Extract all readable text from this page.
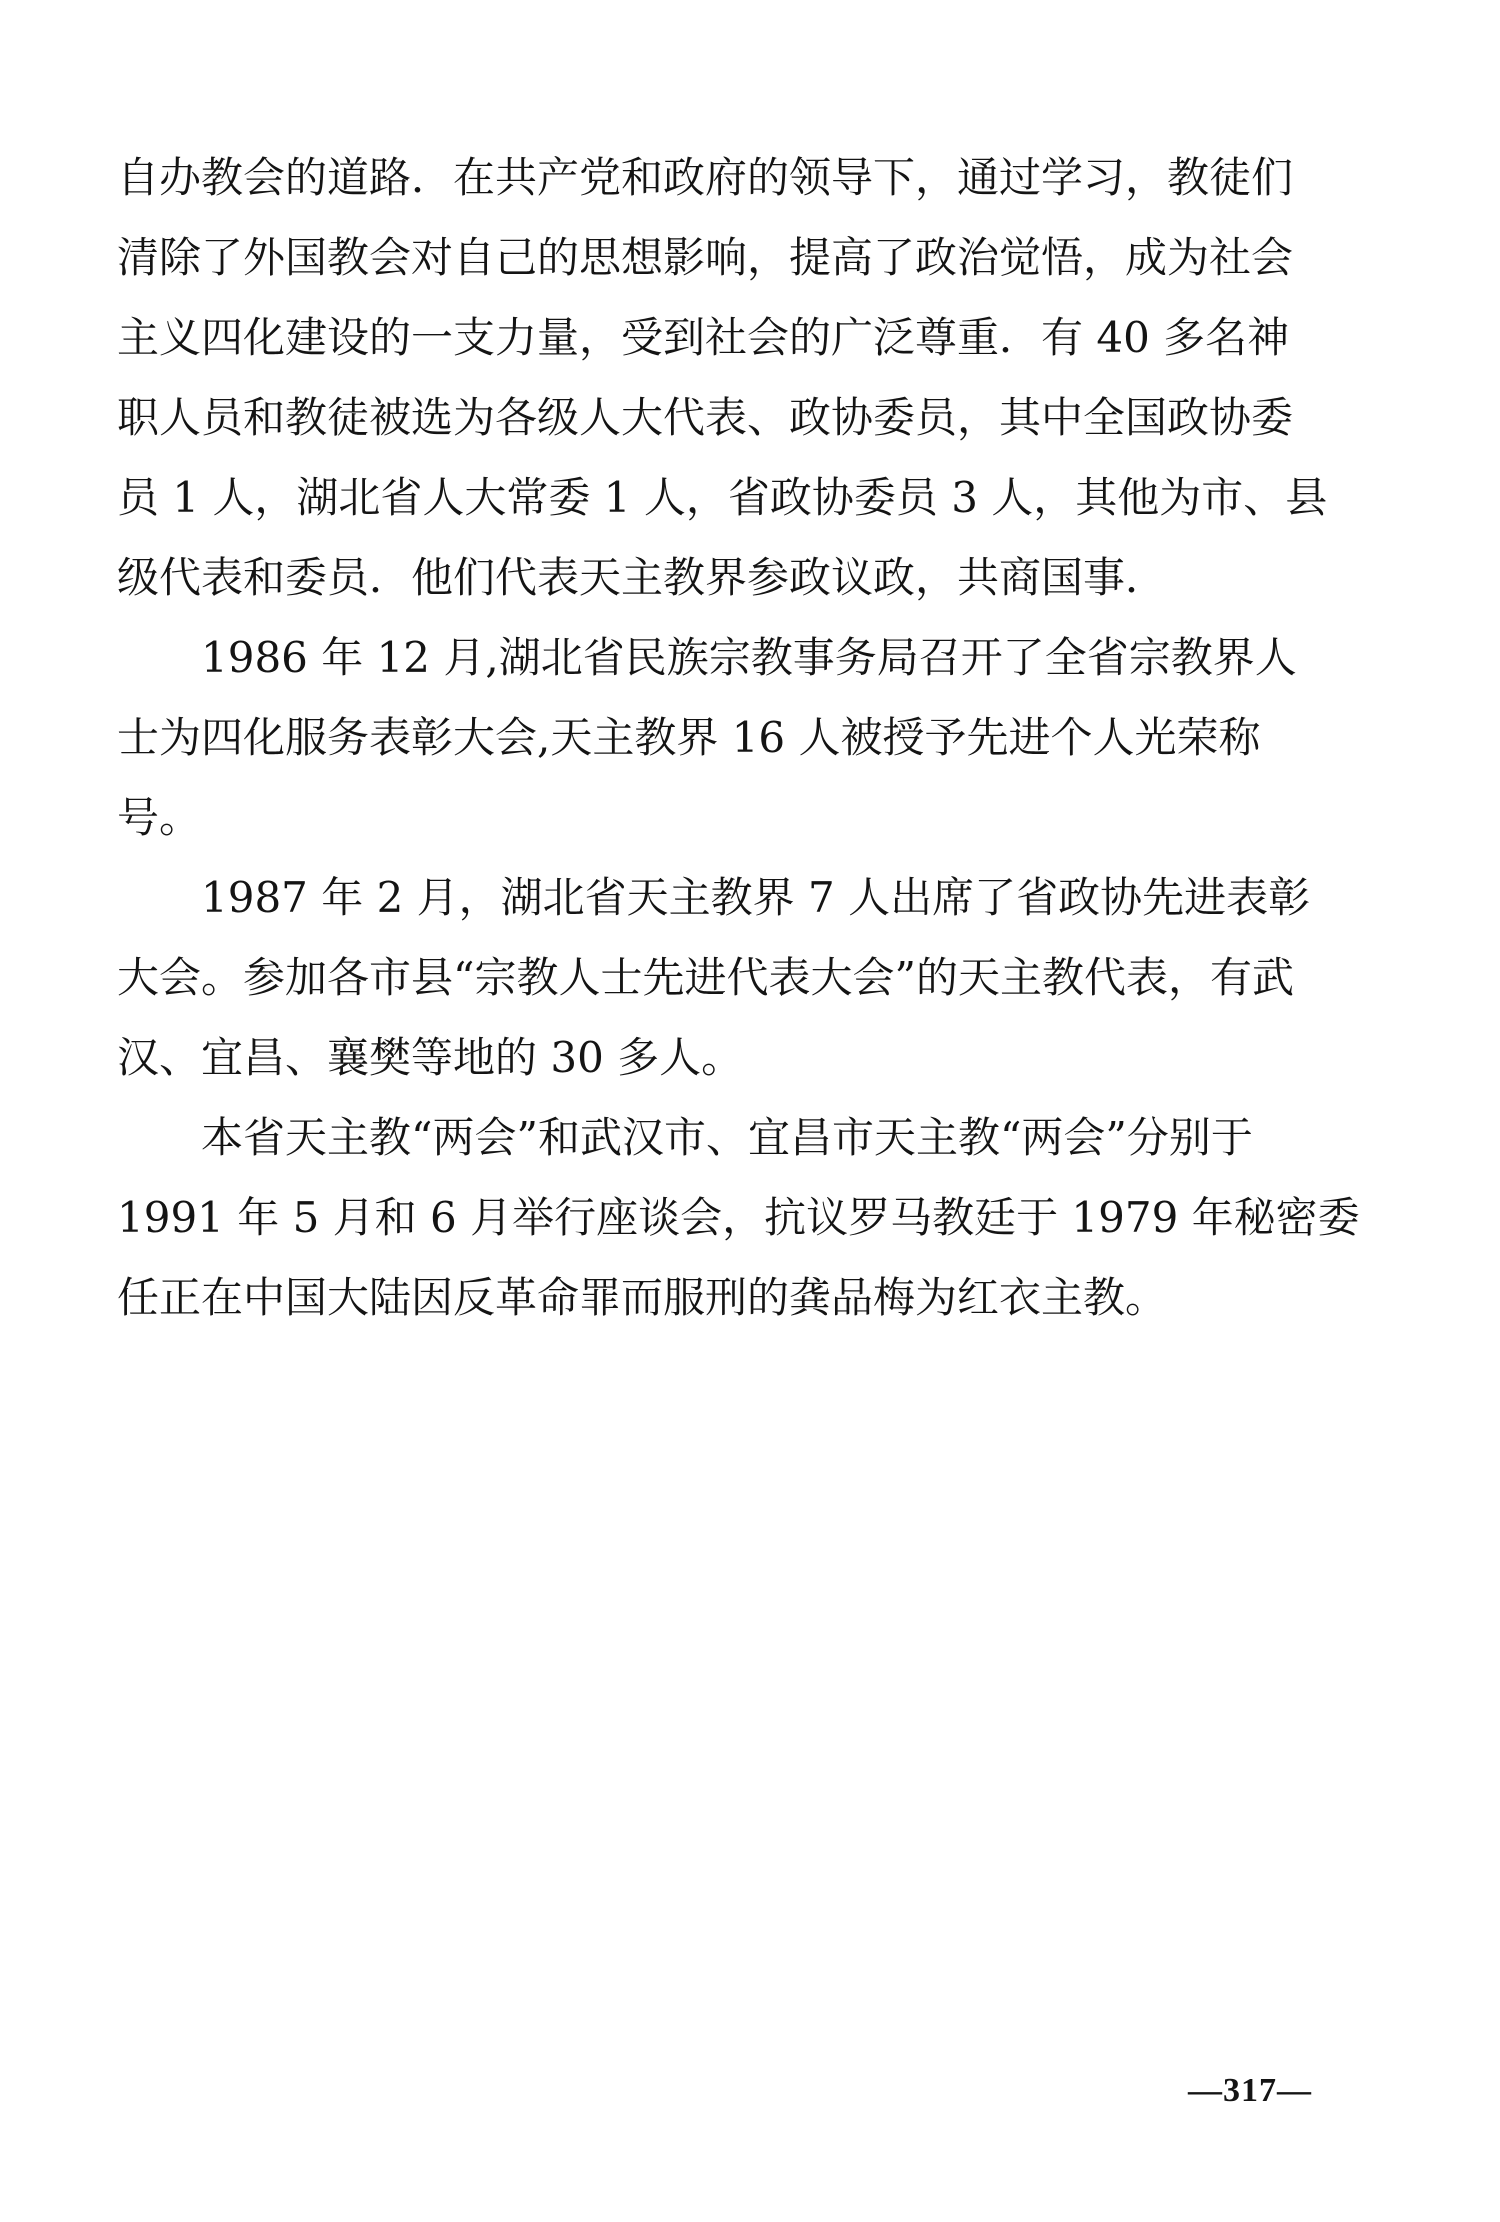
自办教会的道路．在共产党和政府的领导下，通过学习，教徒们
清除了外国教会对自己的思想影响，提高了政治觉悟，成为社会
主义四化建设的一支力量，受到社会的广泛尊重．有 40 多名神
职人员和教徒被选为各级人大代表、政协委员，其中全国政协委
员 1 人，湖北省人大常委 1 人，省政协委员 3 人，其他为市、县
级代表和委员．他们代表天主教界参政议政，共商国事．
1986 年 12 月,湖北省民族宗教事务局召开了全省宗教界人
士为四化服务表彰大会,天主教界 16 人被授予先进个人光荣称
号。
1987 年 2 月，湖北省天主教界 7 人出席了省政协先进表彰
大会。参加各市县“宗教人士先进代表大会”的天主教代表，有武
汉、宜昌、襄樊等地的 30 多人。
本省天主教“两会”和武汉市、宜昌市天主教“两会”分别于
1991 年 5 月和 6 月举行座谈会，抗议罗马教廷于 1979 年秘密委
任正在中国大陆因反革命罪而服刑的龚品梅为红衣主教。
—317—
